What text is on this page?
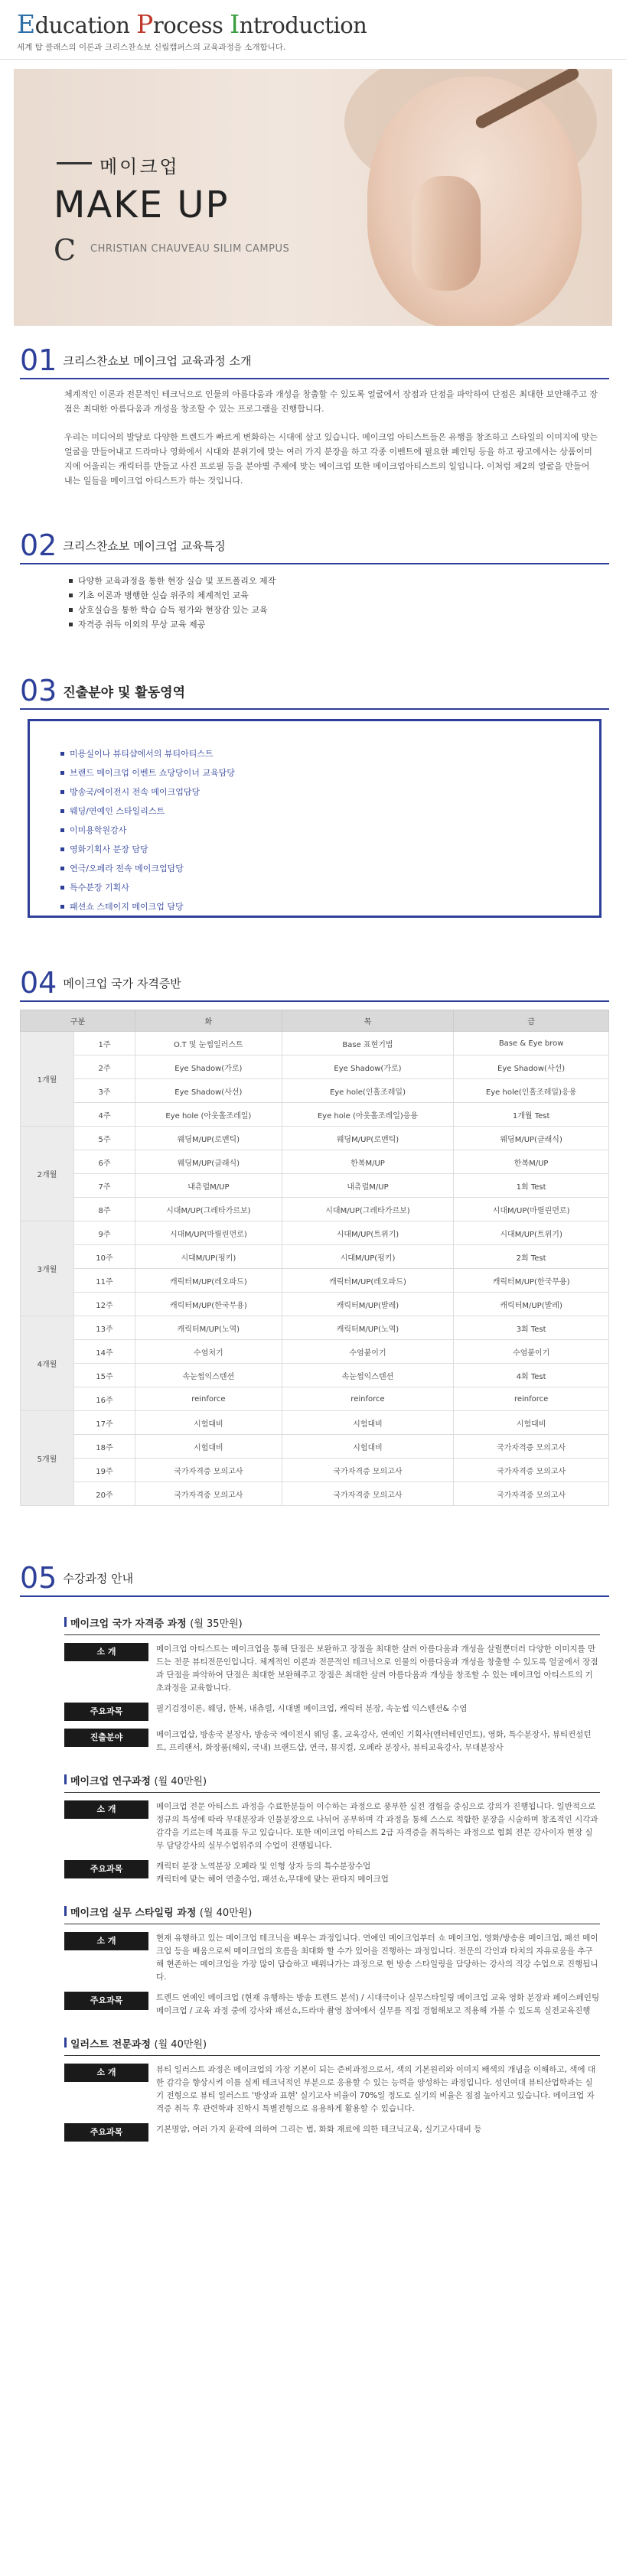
Education Process Introduction
세계 탑 클래스의 이론과 크리스찬쇼보 신림캠퍼스의 교육과정을 소개합니다.
메이크업
MAKE UP
C CHRISTIAN CHAUVEAU SILIM CAMPUS
01 크리스찬쇼보 메이크업 교육과정 소개

체계적인 이론과 전문적인 테크닉으로 인물의 아름다움과 개성을 창출할 수 있도록 얼굴에서 장점과 단점을 파악하여 단점은 최대한 보안해주고 장점은 최대한 아름다움과 개성을 창조할 수 있는 프로그램을 진행합니다.

우리는 미디어의 발달로 다양한 트렌드가 빠르게 변화하는 시대에 살고 있습니다. 메이크업 아티스트들은 유행을 창조하고 스타일의 이미지에 맞는 얼굴을 만들어내고 드라마나 영화에서 시대와 분위기에 맞는 여러 가지 분장을 하고 각종 이벤트에 필요한 페인팅 등을 하고 광고에서는 상품이미지에 어울리는 캐릭터를 만들고 사진 프로필 등을 분야별 주제에 맞는 메이크업 또한 메이크업아티스트의 일입니다. 이처럼 제2의 얼굴을 만들어 내는 일들을 메이크업 아티스트가 하는 것입니다.

02 크리스찬쇼보 메이크업 교육특징
다양한 교육과정을 통한 현장 실습 및 포트폴리오 제작
기초 이론과 병행한 실습 위주의 체계적인 교육
상호실습을 통한 학습 습득 평가와 현장감 있는 교육
자격증 취득 이외의 무상 교육 제공
03 진출분야 및 활동영역
미용실이나 뷰티샵에서의 뷰티아티스트
브랜드 메이크업 이벤트 쇼당당이너 교육담당
방송국/에이전시 전속 메이크업담당
웨딩/연예인 스타일리스트
이미용학원강사
영화기획사 분장 담당
연극/오페라 전속 메이크업담당
특수분장 기획사
패션쇼 스테이지 메이크업 담당
04 메이크업 국가 자격증반
구분		화	목	금
1개월	1주	O.T 및 눈썹일러스트	Base 표현기법	Base & Eye brow
	2주	Eye Shadow(가로)	Eye Shadow(가로)	Eye Shadow(사선)
	3주	Eye Shadow(사선)	Eye hole(인홀조레일)	Eye hole(인홀조레일)응용
	4주	Eye hole (아웃홀조레일)	Eye hole (아웃홀조레일)응용	1개월 Test
2개월	5주	웨딩M/UP(로맨틱)	웨딩M/UP(로맨틱)	웨딩M/UP(클래식)
	6주	웨딩M/UP(클래식)	한복M/UP	한복M/UP
	7주	내츄럴M/UP	내츄럴M/UP	1회 Test
	8주	시대M/UP(그레타가르보)	시대M/UP(그레타가르보)	시대M/UP(마릴린먼로)
3개월	9주	시대M/UP(마릴린먼로)	시대M/UP(트위기)	시대M/UP(트위기)
	10주	시대M/UP(펑키)	시대M/UP(펑키)	2회 Test
	11주	캐릭터M/UP(레오파드)	캐릭터M/UP(레오파드)	캐릭터M/UP(한국무용)
	12주	캐릭터M/UP(한국무용)	캐릭터M/UP(발레)	캐릭터M/UP(발레)
4개월	13주	캐릭터M/UP(노역)	캐릭터M/UP(노역)	3회 Test
	14주	수염처기	수염붙이기	수염붙이기
	15주	속눈썹익스텐션	속눈썹익스텐션	4회 Test
	16주	reinforce	reinforce	reinforce
5개월	17주	시험대비	시험대비	시험대비
	18주	시험대비	시험대비	국가자격증 모의고사
	19주	국가자격증 모의고사	국가자격증 모의고사	국가자격증 모의고사
	20주	국가자격증 모의고사	국가자격증 모의고사	국가자격증 모의고사
05 수강과정 안내
메이크업 국가 자격증 과정 (월 35만원)
소 개	메이크업 아티스트는 메이크업을 통해 단점은 보완하고 장점을 최대한 살려 아름다움과 개성을 살릴뿐더러 다양한 이미지를 만드는 전문 뷰티전문인입니다. 체계적인 이론과 전문적인 테크닉으로 인물의 아름다움과 개성을 창출할 수 있도록 얼굴에서 장점과 단점을 파악하여 단점은 최대한 보완해주고 장점은 최대한 살려 아름다움과 개성을 창조할 수 있는 메이크업 아티스트의 기초과정을 교육합니다.
주요과목	필기검정이론, 웨딩, 한복, 내츄럴, 시대별 메이크업, 캐릭터 분장, 속눈썹 익스텐션& 수염
진출분야	메이크업샵, 방송국 분장사, 방송국 에이전시 웨딩 홀, 교육강사, 연예인 기획사(엔터테인먼트), 영화, 특수분장사, 뷰티컨설턴트, 프리랜서, 화장품(해외, 국내) 브랜드샵, 연극, 뮤지컬, 오페라 분장사, 뷰티교육강사, 무대분장사
메이크업 연구과정 (월 40만원)
소 개	메이크업 전문 아티스트 과정을 수료한분들이 이수하는 과정으로 풍부한 실전 경험을 중심으로 강의가 진행됩니다. 일반적으로 정규의 특성에 따라 무대분장과 인물분장으로 나뉘어 공부하며 각 과정을 통해 스스로 적합한 분장을 시술하며 창조적인 시각과 감각을 기르는데 목표를 두고 있습니다. 또한 메이크업 아티스트 2급 자격증을 취득하는 과정으로 협회 전문 강사이자 현장 실무 담당강사의 실무수업위주의 수업이 진행됩니다.
주요과목	캐릭터 분장 노역분장 오페라 및 인형 상자 등의 특수분장수업
캐릭터에 맞는 헤어 연출수업, 패션쇼,무대에 맞는 판타지 메이크업
메이크업 실무 스타일링 과정 (월 40만원)
소 개	현재 유행하고 있는 메이크업 테크닉을 배우는 과정입니다. 연예인 메이크업부터 쇼 메이크업, 영화/방송용 메이크업, 패션 메이크업 등을 배움으로써 메이크업의 흐름을 최대화 할 수가 있어을 진행하는 과정입니다. 전문의 각인과 타치의 자유로움을 추구해 현존하는 메이크업을 가장 많이 답습하고 배워나가는 과정으로 현 방송 스타일링을 담당하는 강사의 직강 수업으로 진행됩니다.
주요과목	트렌드 연예인 메이크업 (현재 유행하는 방송 트렌드 분석) / 시대극이나 실무스타일링 메이크업 교육 영화 분장과 페이스페인팅 메이크업 / 교육 과정 중에 강사와 패션쇼,드라마 촬영 참여에서 실무를 직접 경험해보고 적용해 가볼 수 있도록 실전교육진행
일러스트 전문과정 (월 40만원)
소 개	뷰티 일러스트 과정은 메이크업의 가장 기본이 되는 준비과정으로서, 색의 기본원리와 이미지 배색의 개념을 이해하고, 색에 대한 감각을 향상시켜 이를 실제 테크닉적인 부분으로 응용할 수 있는 능력을 양성하는 과정입니다. 성인여대 뷰티산업학과는 실기 전형으로 뷰티 일러스트 '방상과 표현' 실기고사 비율이 70%일 정도로 실기의 비율은 점점 높아지고 있습니다. 메이크업 자격증 취득 후 관련학과 진학시 특별전형으로 유용하게 활용할 수 있습니다.
주요과목	기본명암, 여러 가지 윤곽에 의하여 그리는 법, 화화 재료에 의한 테크닉교육, 실기고사대비 등
